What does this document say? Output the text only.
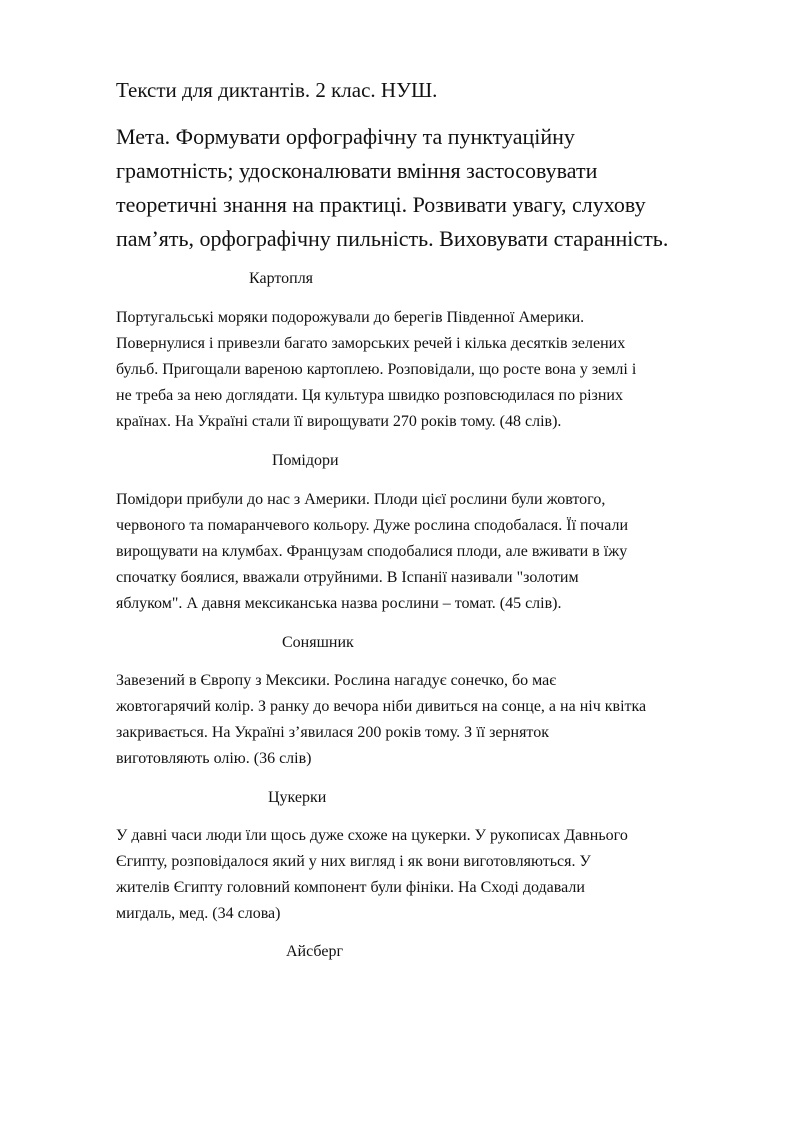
Тексти для диктантів. 2 клас. НУШ.
Мета. Формувати орфографічну та пунктуаційну
грамотність; удосконалювати вміння застосовувати
теоретичні знання на практиці. Розвивати увагу, слухову
пам’ять, орфографічну пильність. Виховувати старанність.
Картопля
Португальські моряки подорожували до берегів Південної Америки.
Повернулися і привезли багато заморських речей і кілька десятків зелених
бульб. Пригощали вареною картоплею. Розповідали, що росте вона у землі і
не треба за нею доглядати. Ця культура швидко розповсюдилася по різних
країнах. На Україні стали її вирощувати 270 років тому. (48 слів).
Помідори
Помідори прибули до нас з Америки. Плоди цієї рослини були жовтого,
червоного та помаранчевого кольору. Дуже рослина сподобалася. Її почали
вирощувати на клумбах. Французам сподобалися плоди, але вживати в їжу
спочатку боялися, вважали отруйними. В Іспанії називали "золотим
яблуком". А давня мексиканська назва рослини – томат. (45 слів).
Соняшник
Завезений в Європу з Мексики. Рослина нагадує сонечко, бо має
жовтогарячий колір. З ранку до вечора ніби дивиться на сонце, а на ніч квітка
закривається. На Україні з’явилася 200 років тому. З її зерняток
виготовляють олію. (36 слів)
Цукерки
У давні часи люди їли щось дуже схоже на цукерки. У рукописах Давнього
Єгипту, розповідалося який у них вигляд і як вони виготовляються. У
жителів Єгипту головний компонент були фініки. На Сході додавали
мигдаль, мед. (34 слова)
Айсберг
